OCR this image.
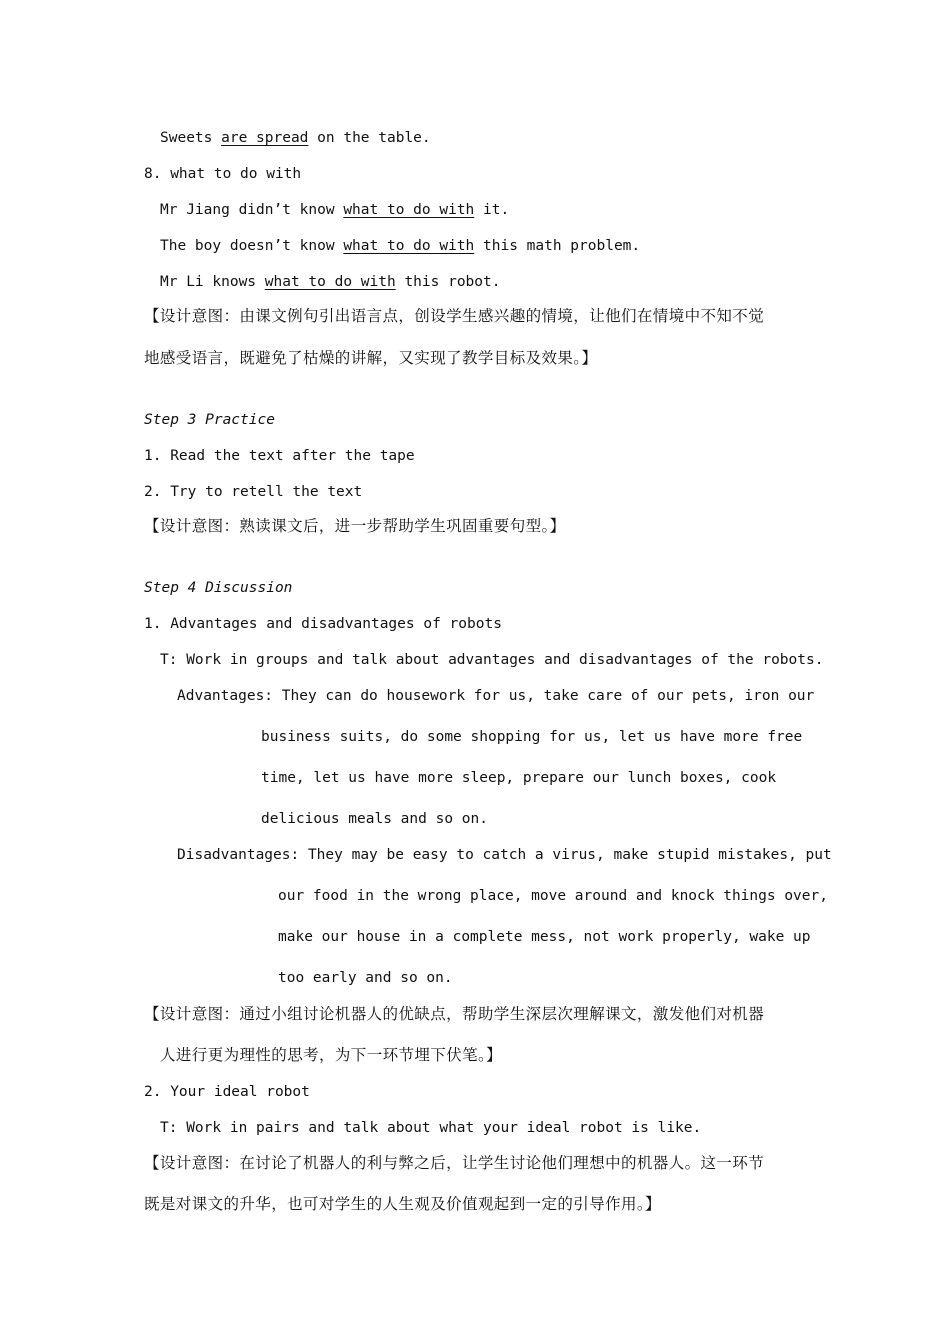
Sweets are spread on the table.
8. what to do with
Mr Jiang didn’t know what to do with it.
The boy doesn’t know what to do with this math problem.
Mr Li knows what to do with this robot.
【设计意图：由课文例句引出语言点，创设学生感兴趣的情境，让他们在情境中不知不觉
地感受语言，既避免了枯燥的讲解，又实现了教学目标及效果。】
Step 3 Practice
1. Read the text after the tape
2. Try to retell the text
【设计意图：熟读课文后，进一步帮助学生巩固重要句型。】
Step 4 Discussion
1. Advantages and disadvantages of robots
T: Work in groups and talk about advantages and disadvantages of the robots.
Advantages: They can do housework for us, take care of our pets, iron our
business suits, do some shopping for us, let us have more free
time, let us have more sleep, prepare our lunch boxes, cook
delicious meals and so on.
Disadvantages: They may be easy to catch a virus, make stupid mistakes, put
our food in the wrong place, move around and knock things over,
make our house in a complete mess, not work properly, wake up
too early and so on.
【设计意图：通过小组讨论机器人的优缺点，帮助学生深层次理解课文，激发他们对机器
人进行更为理性的思考，为下一环节埋下伏笔。】
2. Your ideal robot
T: Work in pairs and talk about what your ideal robot is like.
【设计意图：在讨论了机器人的利与弊之后，让学生讨论他们理想中的机器人。这一环节
既是对课文的升华，也可对学生的人生观及价值观起到一定的引导作用。】
